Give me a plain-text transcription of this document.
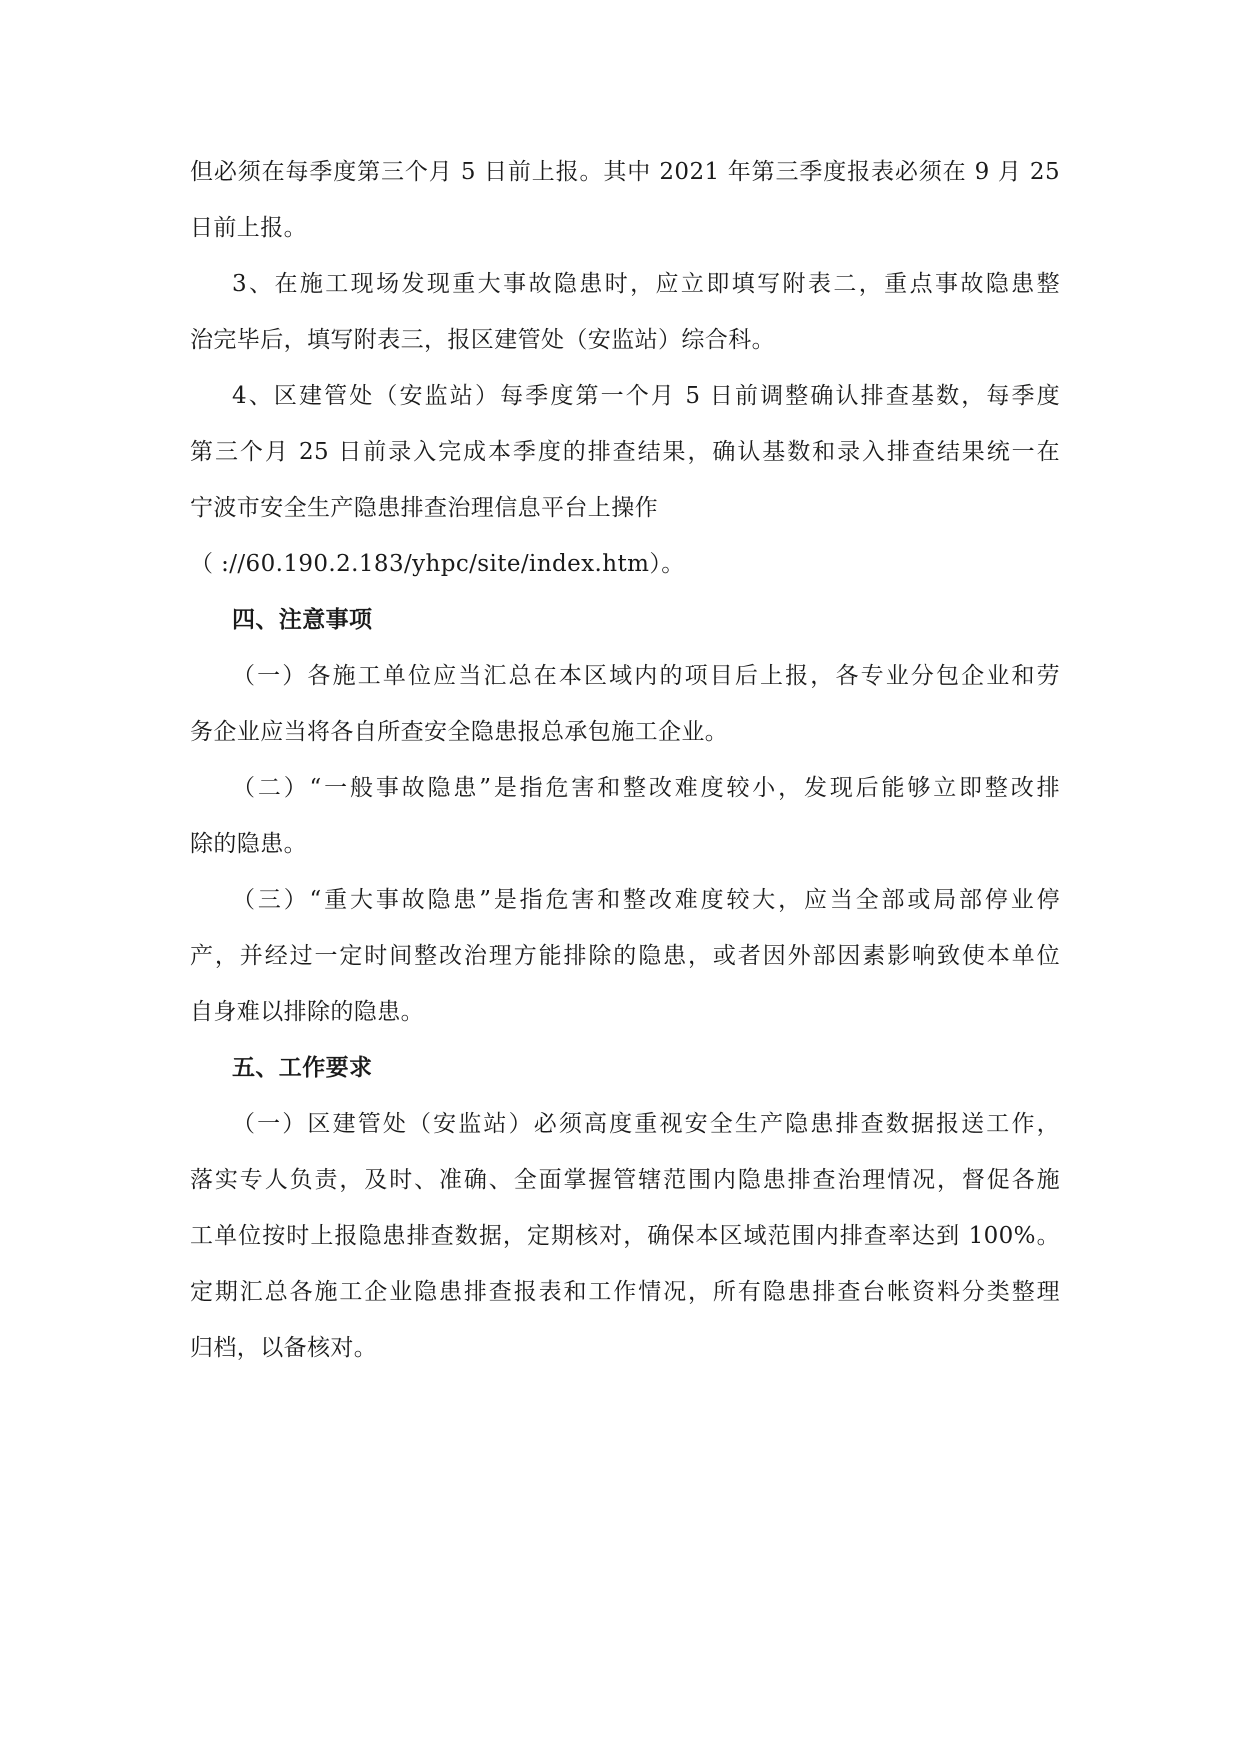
但必须在每季度第三个月 5 日前上报。其中 2021 年第三季度报表必须在 9 月 25
日前上报。
3、在施工现场发现重大事故隐患时，应立即填写附表二，重点事故隐患整
治完毕后，填写附表三，报区建管处（安监站）综合科。
4、区建管处（安监站）每季度第一个月 5 日前调整确认排查基数，每季度
第三个月 25 日前录入完成本季度的排查结果，确认基数和录入排查结果统一在
宁波市安全生产隐患排查治理信息平台上操作
（ ://60.190.2.183/yhpc/site/index.htm）。
四、注意事项
（一）各施工单位应当汇总在本区域内的项目后上报，各专业分包企业和劳
务企业应当将各自所查安全隐患报总承包施工企业。
（二）“一般事故隐患”是指危害和整改难度较小，发现后能够立即整改排
除的隐患。
（三）“重大事故隐患”是指危害和整改难度较大，应当全部或局部停业停
产，并经过一定时间整改治理方能排除的隐患，或者因外部因素影响致使本单位
自身难以排除的隐患。
五、工作要求
（一）区建管处（安监站）必须高度重视安全生产隐患排查数据报送工作，
落实专人负责，及时、准确、全面掌握管辖范围内隐患排查治理情况，督促各施
工单位按时上报隐患排查数据，定期核对，确保本区域范围内排查率达到 100%。
定期汇总各施工企业隐患排查报表和工作情况，所有隐患排查台帐资料分类整理
归档，以备核对。
